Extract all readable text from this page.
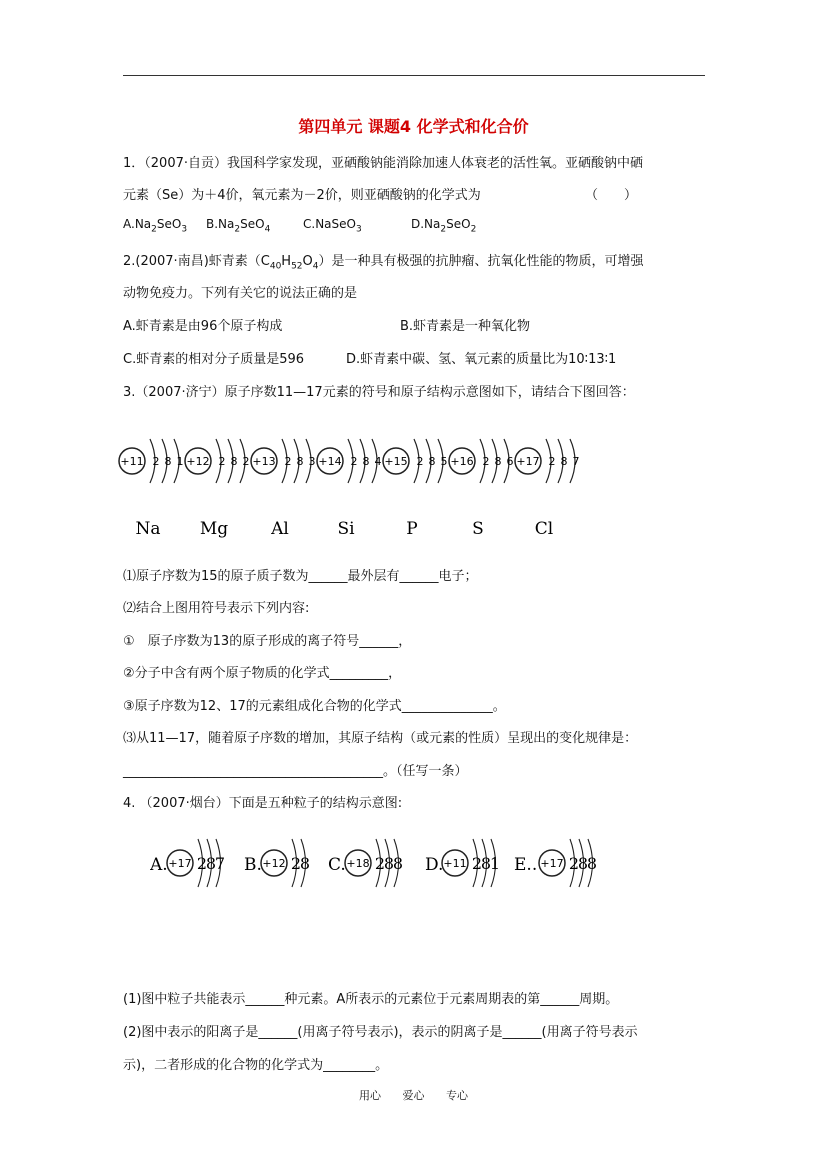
第四单元 课题4 化学式和化合价
1．（2007·自贡）我国科学家发现，亚硒酸钠能消除加速人体衰老的活性氧。亚硒酸钠中硒
元素（Se）为＋4价，氧元素为－2价，则亚硒酸钠的化学式为	（　　）
$A.Na_2SeO_3$ $B.Na_2SeO_4$	C.NaSeO$_3$	$D.Na_2SeO_2$
2.(2007·南昌)虾青素$(C_{40}H_{52}O_4)$是一种具有极强的抗肿瘤、抗氧化性能的物质，可增强
动物免疫力。下列有关它的说法正确的是
A.虾青素是由96个原子构成	B.虾青素是一种氧化物
C.虾青素的相对分子质量是596	D.虾青素中碳、氢、氧元素的质量比为10∶13∶1
3.（2007·济宁）原子序数11—17元素的符号和原子结构示意图如下，请结合下图回答：
+11 2 8 1
Na
+12 2 8 2
Mg
+13 2 8 3
Al
+14 2 8 4
Si
+15 2 8 5
P
+16 2 8 6
S
+17 2 8 7
Cl
⑴原子序数为15的原子质子数为______最外层有______电子；
⑵结合上图用符号表示下列内容:
①　原子序数为13的原子形成的离子符号______，
②分子中含有两个原子物质的化学式_________，
③原子序数为12、17的元素组成化合物的化学式______________。
⑶从11—17，随着原子序数的增加，其原子结构（或元素的性质）呈现出的变化规律是：
________________________________________。（任写一条）
4. （2007·烟台）下面是五种粒子的结构示意图:
A. +17 2
8
7 B. +12 2
8 C. +18 2
8
8 D. +11 2
8
1 E.. +17 2
8
8
(1)图中粒子共能表示______种元素。A所表示的元素位于元素周期表的第______周期。
(2)图中表示的阳离子是______(用离子符号表示)，表示的阴离子是______(用离子符号表示
示)，二者形成的化合物的化学式为________。
用心 爱心 专心
